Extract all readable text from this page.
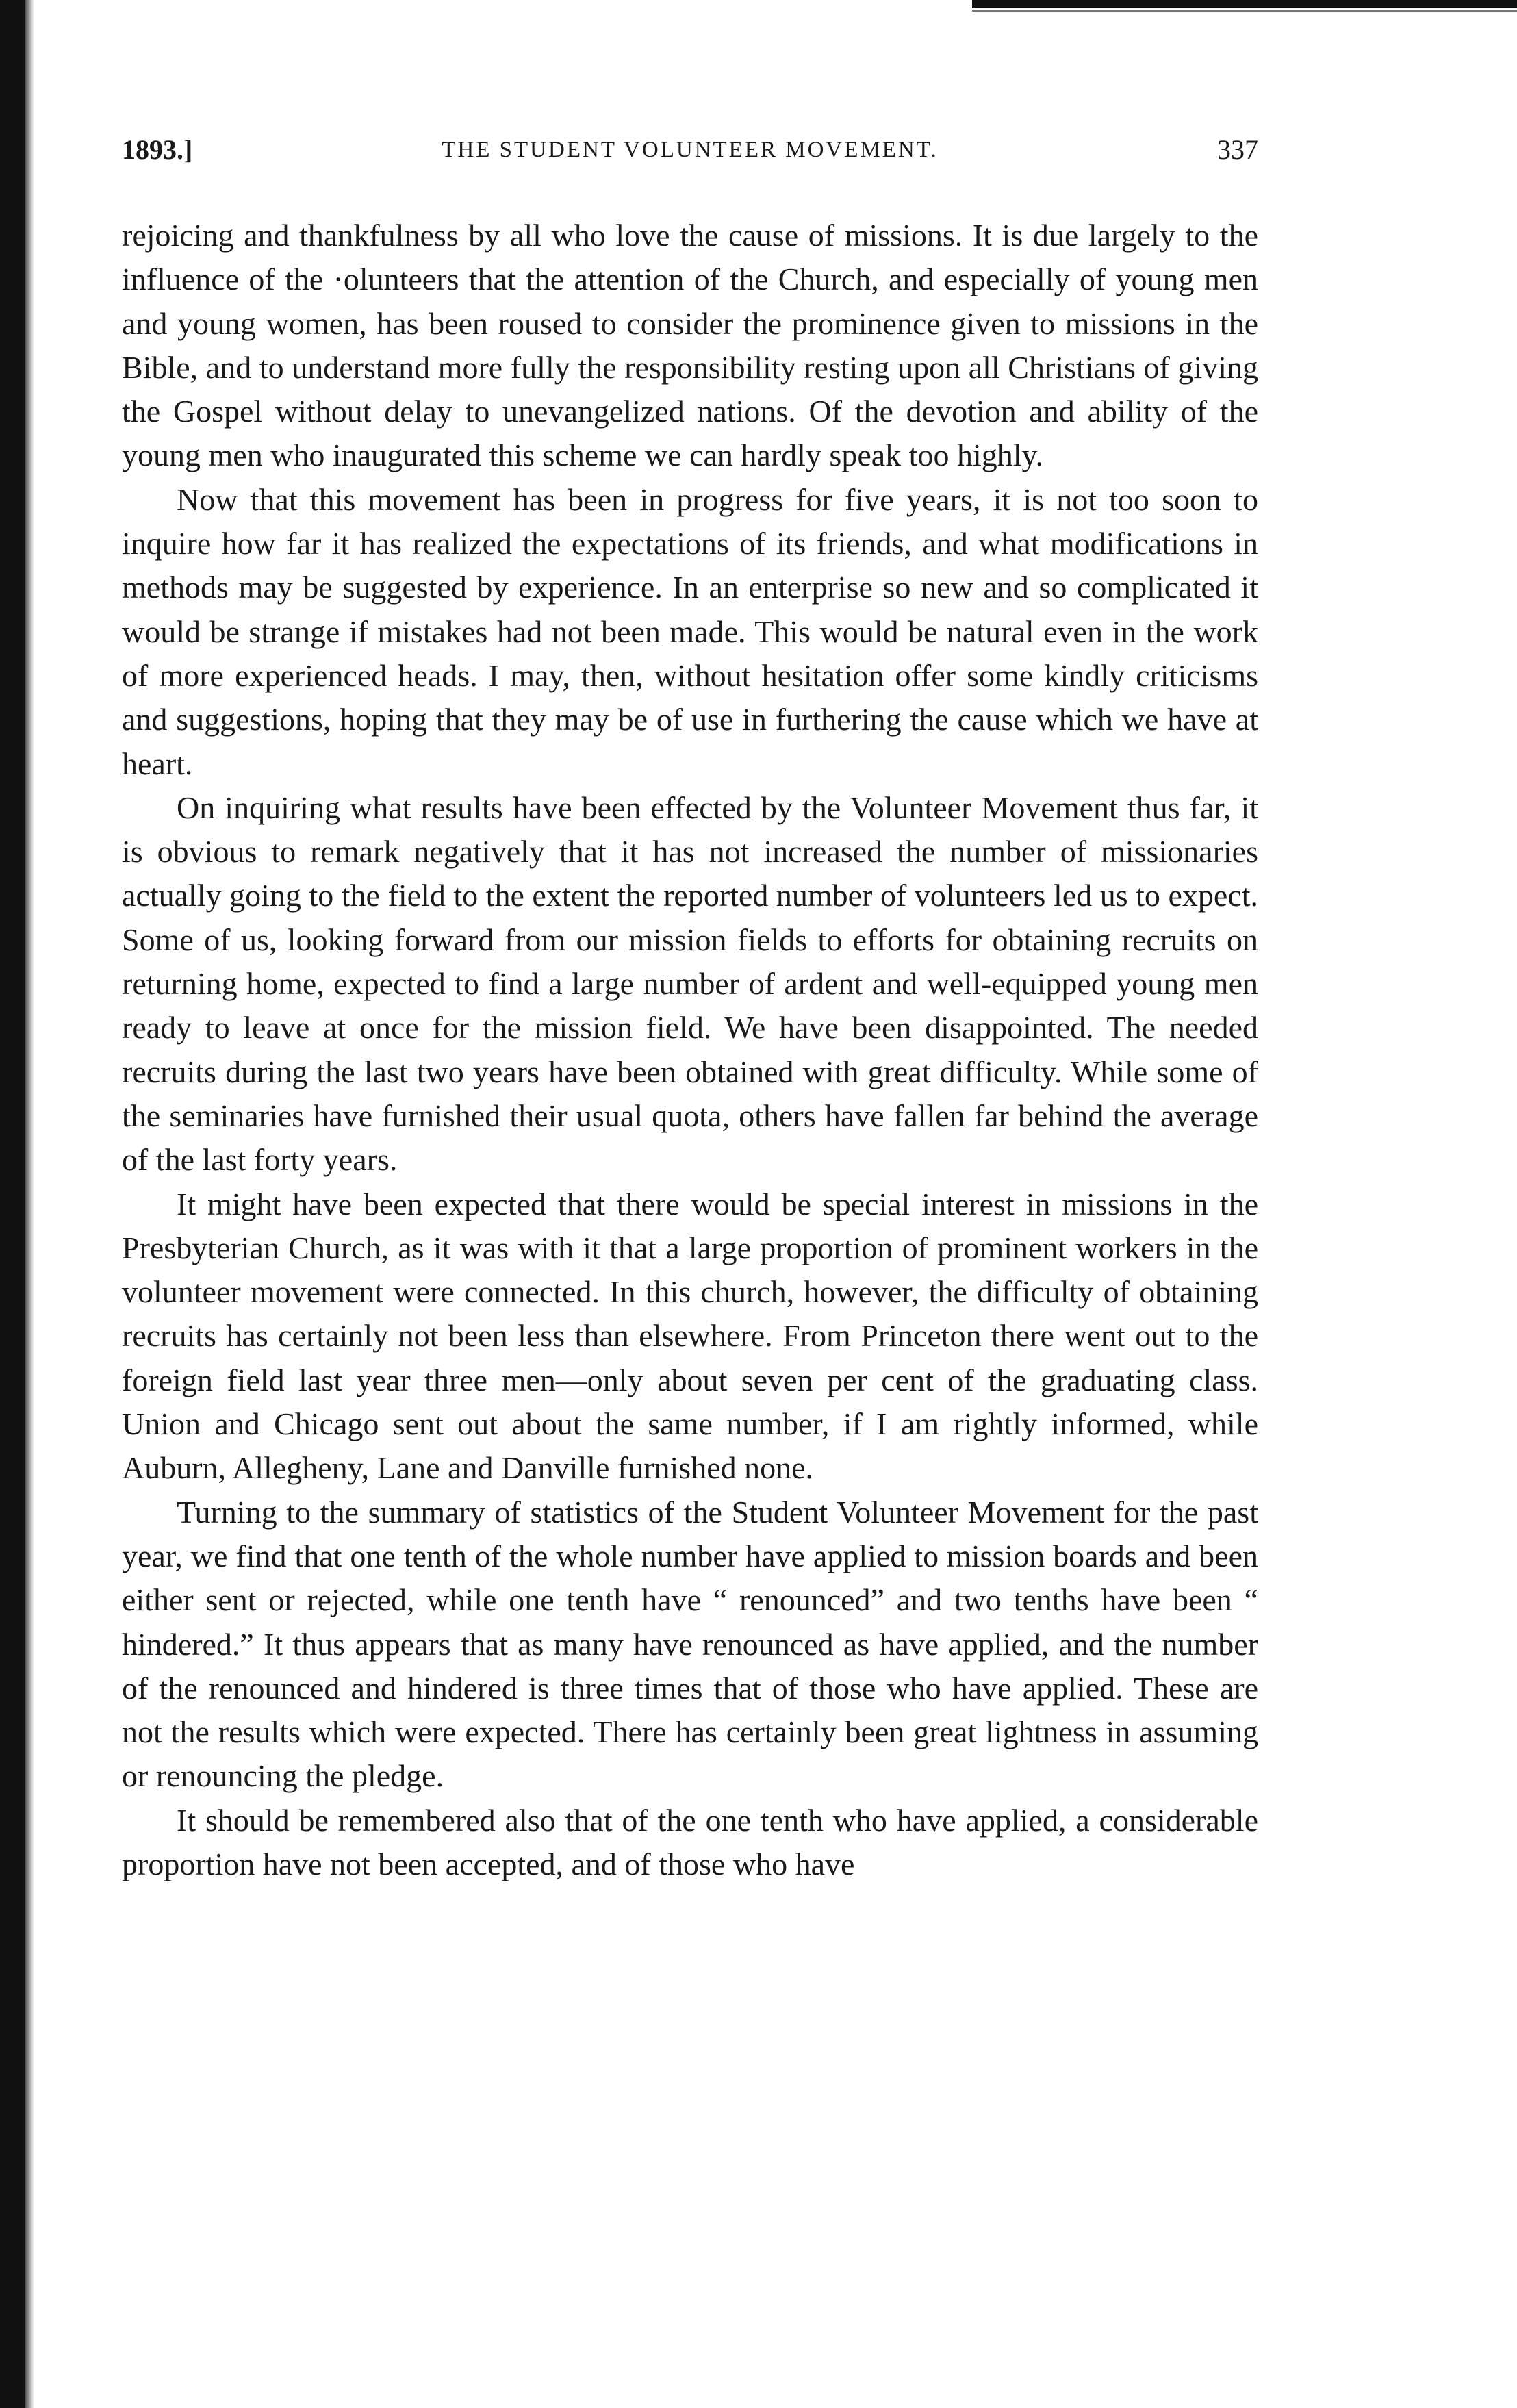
1893.]	THE STUDENT VOLUNTEER MOVEMENT.	337

rejoicing and thankfulness by all who love the cause of missions. It is due largely to the influence of the ·olunteers that the attention of the Church, and especially of young men and young women, has been roused to consider the prominence given to missions in the Bible, and to understand more fully the responsibility resting upon all Christians of giving the Gospel without delay to unevangelized nations. Of the devotion and ability of the young men who inaugurated this scheme we can hardly speak too highly.

Now that this movement has been in progress for five years, it is not too soon to inquire how far it has realized the expectations of its friends, and what modifications in methods may be suggested by experience. In an enterprise so new and so complicated it would be strange if mistakes had not been made. This would be natural even in the work of more experienced heads. I may, then, without hesitation offer some kindly criticisms and suggestions, hoping that they may be of use in furthering the cause which we have at heart.

On inquiring what results have been effected by the Volunteer Movement thus far, it is obvious to remark negatively that it has not increased the number of missionaries actually going to the field to the extent the reported number of volunteers led us to expect. Some of us, looking forward from our mission fields to efforts for obtaining recruits on returning home, expected to find a large number of ardent and well-equipped young men ready to leave at once for the mission field. We have been disappointed. The needed recruits during the last two years have been obtained with great difficulty. While some of the seminaries have furnished their usual quota, others have fallen far behind the average of the last forty years.

It might have been expected that there would be special interest in missions in the Presbyterian Church, as it was with it that a large proportion of prominent workers in the volunteer movement were connected. In this church, however, the difficulty of obtaining recruits has certainly not been less than elsewhere. From Princeton there went out to the foreign field last year three men—only about seven per cent of the graduating class. Union and Chicago sent out about the same number, if I am rightly informed, while Auburn, Allegheny, Lane and Danville furnished none.

Turning to the summary of statistics of the Student Volunteer Movement for the past year, we find that one tenth of the whole number have applied to mission boards and been either sent or rejected, while one tenth have “ renounced” and two tenths have been “ hindered.” It thus appears that as many have renounced as have applied, and the number of the renounced and hindered is three times that of those who have applied. These are not the results which were expected. There has certainly been great lightness in assuming or renouncing the pledge.

It should be remembered also that of the one tenth who have applied, a considerable proportion have not been accepted, and of those who have
